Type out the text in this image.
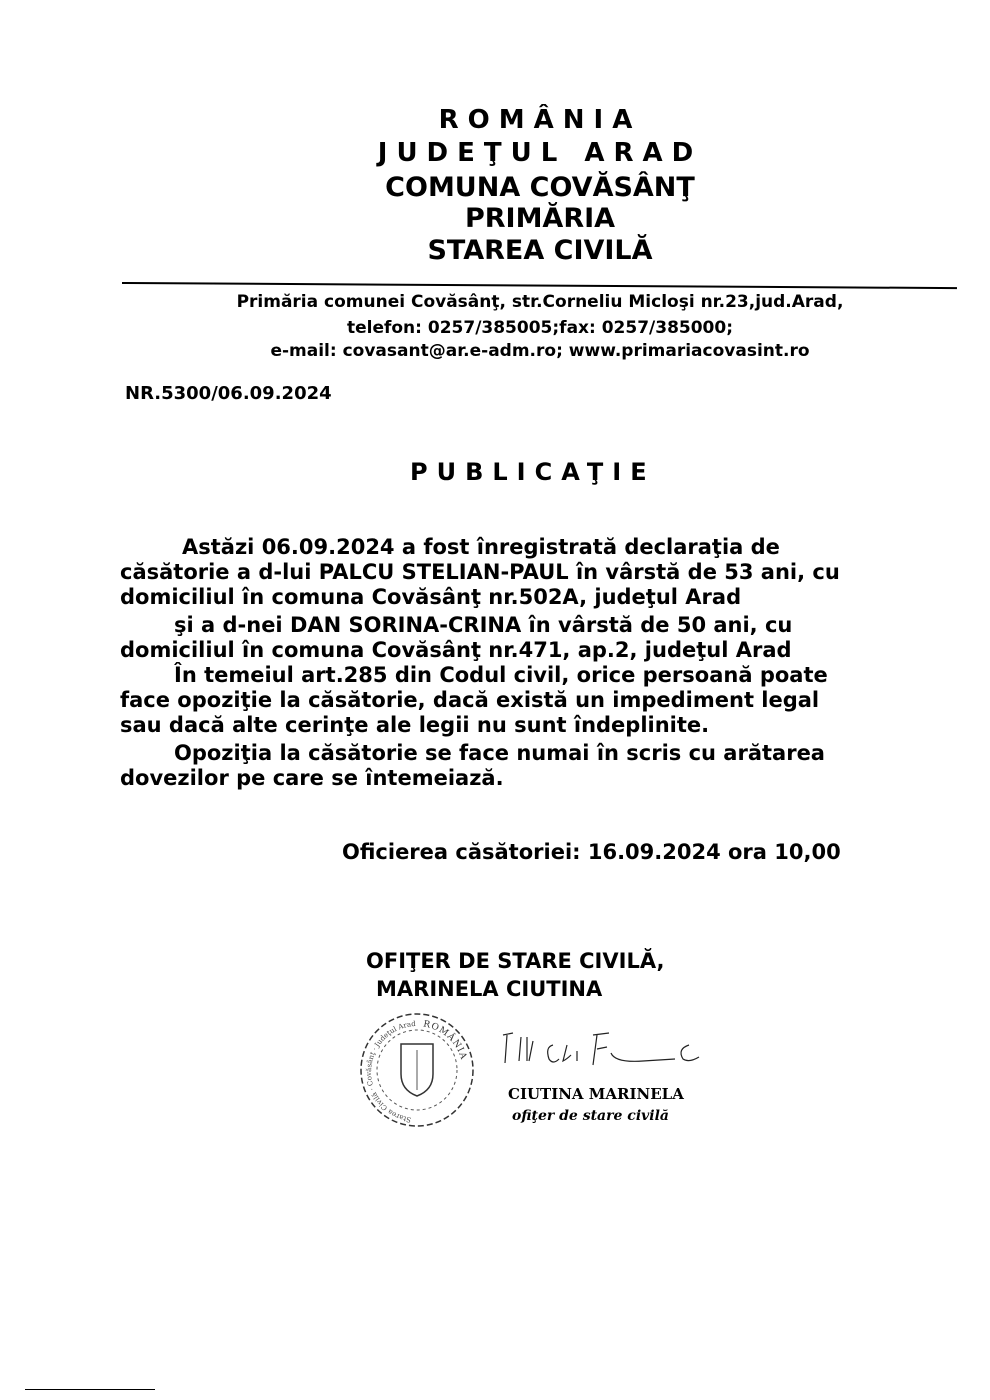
ROMÂNIA
JUDEŢUL ARAD
COMUNA COVĂSÂNŢ
PRIMĂRIA
STAREA CIVILĂ
Primăria comunei Covăsânţ, str.Corneliu Micloşi nr.23,jud.Arad,
telefon: 0257/385005;fax: 0257/385000;
e-mail: covasant@ar.e-adm.ro; www.primariacovasint.ro
NR.5300/06.09.2024
PUBLICAŢIE

Astăzi 06.09.2024 a fost înregistrată declaraţia de

căsătorie a d-lui PALCU STELIAN-PAUL în vârstă de 53 ani, cu

domiciliul în comuna Covăsânţ nr.502A, judeţul Arad

şi a d-nei DAN SORINA-CRINA în vârstă de 50 ani, cu

domiciliul în comuna Covăsânţ nr.471, ap.2, judeţul Arad

În temeiul art.285 din Codul civil, orice persoană poate

face opoziţie la căsătorie, dacă există un impediment legal

sau dacă alte cerinţe ale legii nu sunt îndeplinite.

Opoziţia la căsătorie se face numai în scris cu arătarea

dovezilor pe care se întemeiază.

Oficierea căsătoriei: 16.09.2024 ora 10,00
OFIŢER DE STARE CIVILĂ,
MARINELA CIUTINA
ROMÂNIA
Starea Civilă · Covăsânţ · Judeţul Arad
CIUTINA MARINELA
ofiţer de stare civilă
